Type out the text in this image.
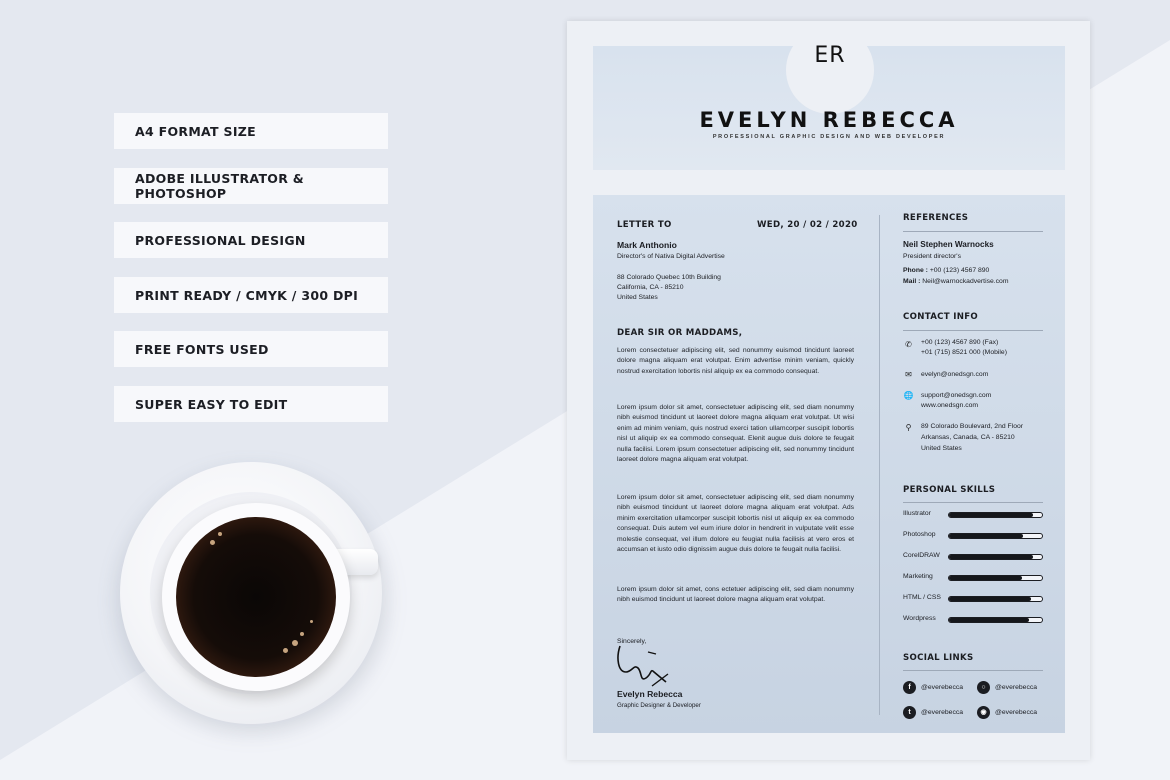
A4 FORMAT SIZE
ADOBE ILLUSTRATOR & PHOTOSHOP
PROFESSIONAL DESIGN
PRINT READY / CMYK / 300 DPI
FREE FONTS USED
SUPER EASY TO EDIT
ER
EVELYN REBECCA
PROFESSIONAL GRAPHIC DESIGN AND WEB DEVELOPER
LETTER TO	WED, 20 / 02 / 2020
Mark Anthonio
Director's of Nativa Digital Advertise
88 Colorado Quebec 10th Building
California, CA - 85210
United States
DEAR SIR OR MADDAMS,
Lorem consectetuer adipiscing elit, sed nonummy euismod tincidunt laoreet dolore magna aliquam erat volutpat. Enim advertise minim veniam, quickly nostrud exercitation lobortis nisl aliquip ex ea commodo consequat.
Lorem ipsum dolor sit amet, consectetuer adipiscing elit, sed diam nonummy nibh euismod tincidunt ut laoreet dolore magna aliquam erat volutpat. Ut wisi enim ad minim veniam, quis nostrud exerci tation ullamcorper suscipit lobortis nisl ut aliquip ex ea commodo consequat. Elenit augue duis dolore te feugait nulla facilisi. Lorem ipsum consectetuer adipiscing elit, sed nonummy tincidunt laoreet dolore magna aliquam erat volutpat.
Lorem ipsum dolor sit amet, consectetuer adipiscing elit, sed diam nonummy nibh euismod tincidunt ut laoreet dolore magna aliquam erat volutpat. Ads minim exercitation ullamcorper suscipit lobortis nisl ut aliquip ex ea commodo consequat. Duis autem vel eum iriure dolor in hendrerit in vulputate velit esse molestie consequat, vel illum dolore eu feugiat nulla facilisis at vero eros et accumsan et iusto odio dignissim augue duis dolore te feugait nulla facilisi.
Lorem ipsum dolor sit amet, cons ectetuer adipiscing elit, sed diam nonummy nibh euismod tincidunt ut laoreet dolore magna aliquam erat volutpat.
Sincerely,
Evelyn Rebecca
Graphic Designer & Developer
REFERENCES
Neil Stephen Warnocks
President director's
Phone : +00 (123) 4567 890
Mail : Neil@warnockadvertise.com
CONTACT INFO
✆	+00 (123) 4567 890 (Fax)
+01 (715) 8521 000 (Mobile)
✉	evelyn@onedsgn.com
🌐 support@onedsgn.com
www.onedsgn.com
⚲	89 Colorado Boulevard, 2nd Floor
Arkansas, Canada, CA - 85210
United States
PERSONAL SKILLS
Illustrator
Photoshop
CorelDRAW
Marketing
HTML / CSS
Wordpress
SOCIAL LINKS
f	@everebecca	○	@everebecca
t	@everebecca	◉	@everebecca
